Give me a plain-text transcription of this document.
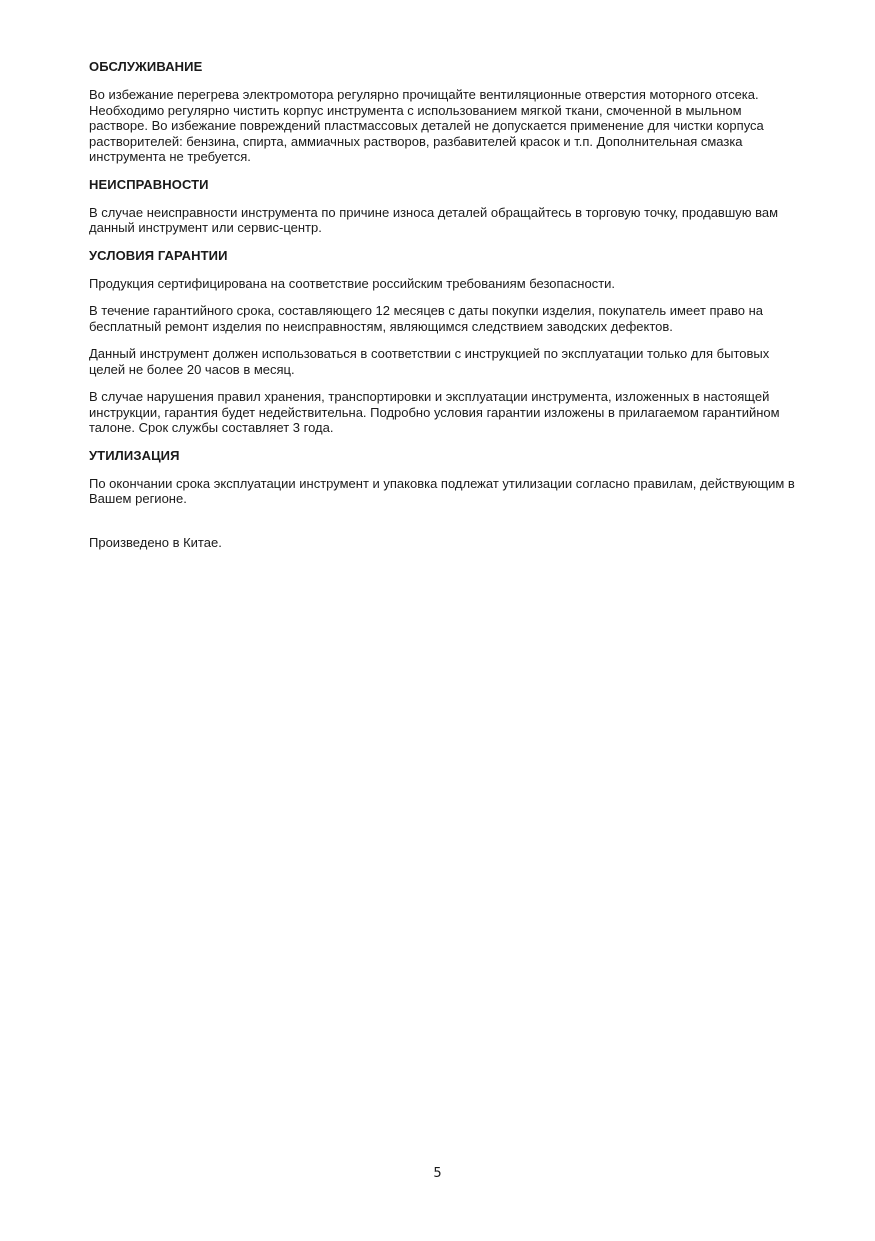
ОБСЛУЖИВАНИЕ

Во избежание перегрева электромотора регулярно прочищайте вентиляционные отверстия моторного отсека. Необходимо регулярно чистить корпус инструмента с использованием мягкой ткани, смоченной в мыльном растворе. Во избежание повреждений пластмассовых деталей не допускается применение для чистки корпуса растворителей: бензина, спирта, аммиачных растворов, разбавителей красок и т.п. Дополнительная смазка инструмента не требуется.

НЕИСПРАВНОСТИ

В случае неисправности инструмента по причине износа деталей обращайтесь в торговую точку, продавшую вам данный инструмент или сервис-центр.

УСЛОВИЯ ГАРАНТИИ

Продукция сертифицирована на соответствие российским требованиям безопасности.

В течение гарантийного срока, составляющего 12 месяцев с даты покупки изделия, покупатель имеет право на бесплатный ремонт изделия по неисправностям, являющимся следствием заводских дефектов.

Данный инструмент должен использоваться в соответствии с инструкцией по эксплуатации только для бытовых целей не более 20 часов в месяц.

В случае нарушения правил хранения, транспортировки и эксплуатации инструмента, изложенных в настоящей инструкции, гарантия будет недействительна. Подробно условия гарантии изложены в прилагаемом гарантийном талоне. Срок службы составляет 3 года.

УТИЛИЗАЦИЯ

По окончании срока эксплуатации инструмент и упаковка подлежат утилизации согласно правилам, действующим в Вашем регионе.

Произведено в Китае.
5
